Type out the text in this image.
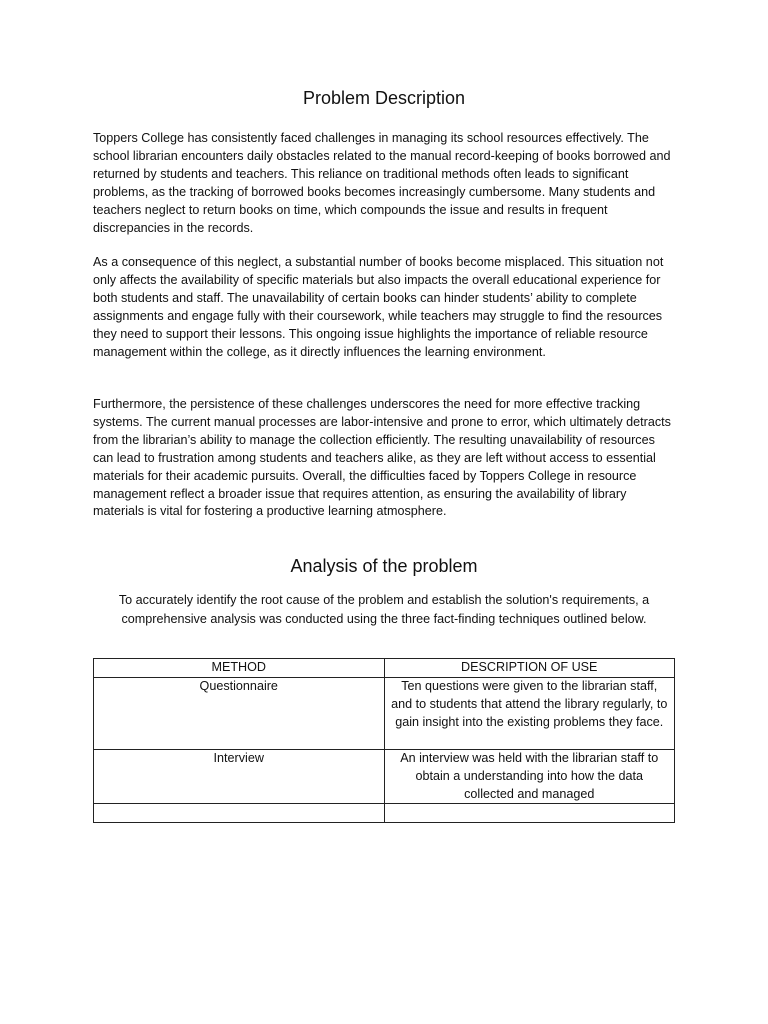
Problem Description

Toppers College has consistently faced challenges in managing its school resources effectively. The school librarian encounters daily obstacles related to the manual record-keeping of books borrowed and returned by students and teachers. This reliance on traditional methods often leads to significant problems, as the tracking of borrowed books becomes increasingly cumbersome. Many students and teachers neglect to return books on time, which compounds the issue and results in frequent discrepancies in the records.

As a consequence of this neglect, a substantial number of books become misplaced. This situation not only affects the availability of specific materials but also impacts the overall educational experience for both students and staff. The unavailability of certain books can hinder students’ ability to complete assignments and engage fully with their coursework, while teachers may struggle to find the resources they need to support their lessons. This ongoing issue highlights the importance of reliable resource management within the college, as it directly influences the learning environment.

Furthermore, the persistence of these challenges underscores the need for more effective tracking systems. The current manual processes are labor-intensive and prone to error, which ultimately detracts from the librarian’s ability to manage the collection efficiently. The resulting unavailability of resources can lead to frustration among students and teachers alike, as they are left without access to essential materials for their academic pursuits. Overall, the difficulties faced by Toppers College in resource management reflect a broader issue that requires attention, as ensuring the availability of library materials is vital for fostering a productive learning atmosphere.

Analysis of the problem

To accurately identify the root cause of the problem and establish the solution's requirements, a comprehensive analysis was conducted using the three fact-finding techniques outlined below.

METHOD	DESCRIPTION OF USE
Questionnaire	Ten questions were given to the librarian staff, and to students that attend the library regularly, to gain insight into the existing problems they face.
Interview	An interview was held with the librarian staff to obtain a understanding into how the data collected and managed
